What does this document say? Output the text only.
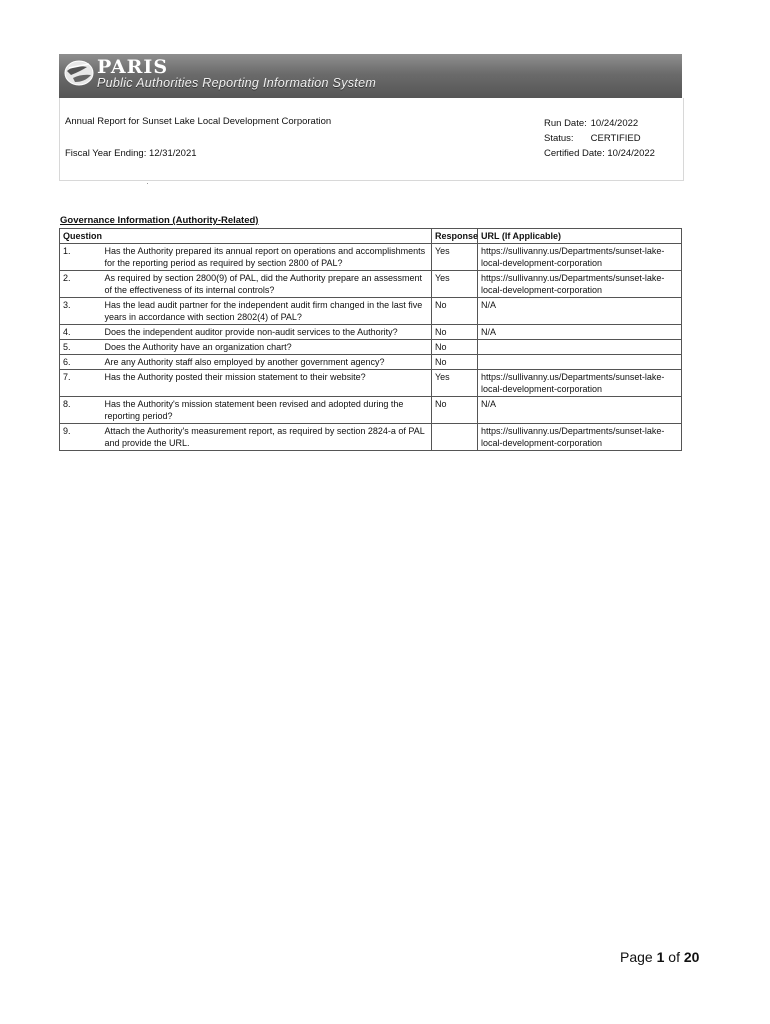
PARIS
Public Authorities Reporting Information System
Annual Report for Sunset Lake Local Development Corporation
Fiscal Year Ending: 12/31/2021
Run Date: 10/24/2022
Status: CERTIFIED
Certified Date: 10/24/2022
Governance Information (Authority-Related)
Question		Response	URL (If Applicable)
1.	Has the Authority prepared its annual report on operations and accomplishments for the reporting period as required by section 2800 of PAL?	Yes	https://sullivanny.us/Departments/sunset-lake-local-development-corporation
2.	As required by section 2800(9) of PAL, did the Authority prepare an assessment of the effectiveness of its internal controls?	Yes	https://sullivanny.us/Departments/sunset-lake-local-development-corporation
3.	Has the lead audit partner for the independent audit firm changed in the last five years in accordance with section 2802(4) of PAL?	No	N/A
4.	Does the independent auditor provide non-audit services to the Authority?	No	N/A
5.	Does the Authority have an organization chart?	No	
6.	Are any Authority staff also employed by another government agency?	No	
7.	Has the Authority posted their mission statement to their website?	Yes	https://sullivanny.us/Departments/sunset-lake-local-development-corporation
8.	Has the Authority's mission statement been revised and adopted during the reporting period?	No	N/A
9.	Attach the Authority's measurement report, as required by section 2824-a of PAL and provide the URL.		https://sullivanny.us/Departments/sunset-lake-local-development-corporation
Page 1 of 20
